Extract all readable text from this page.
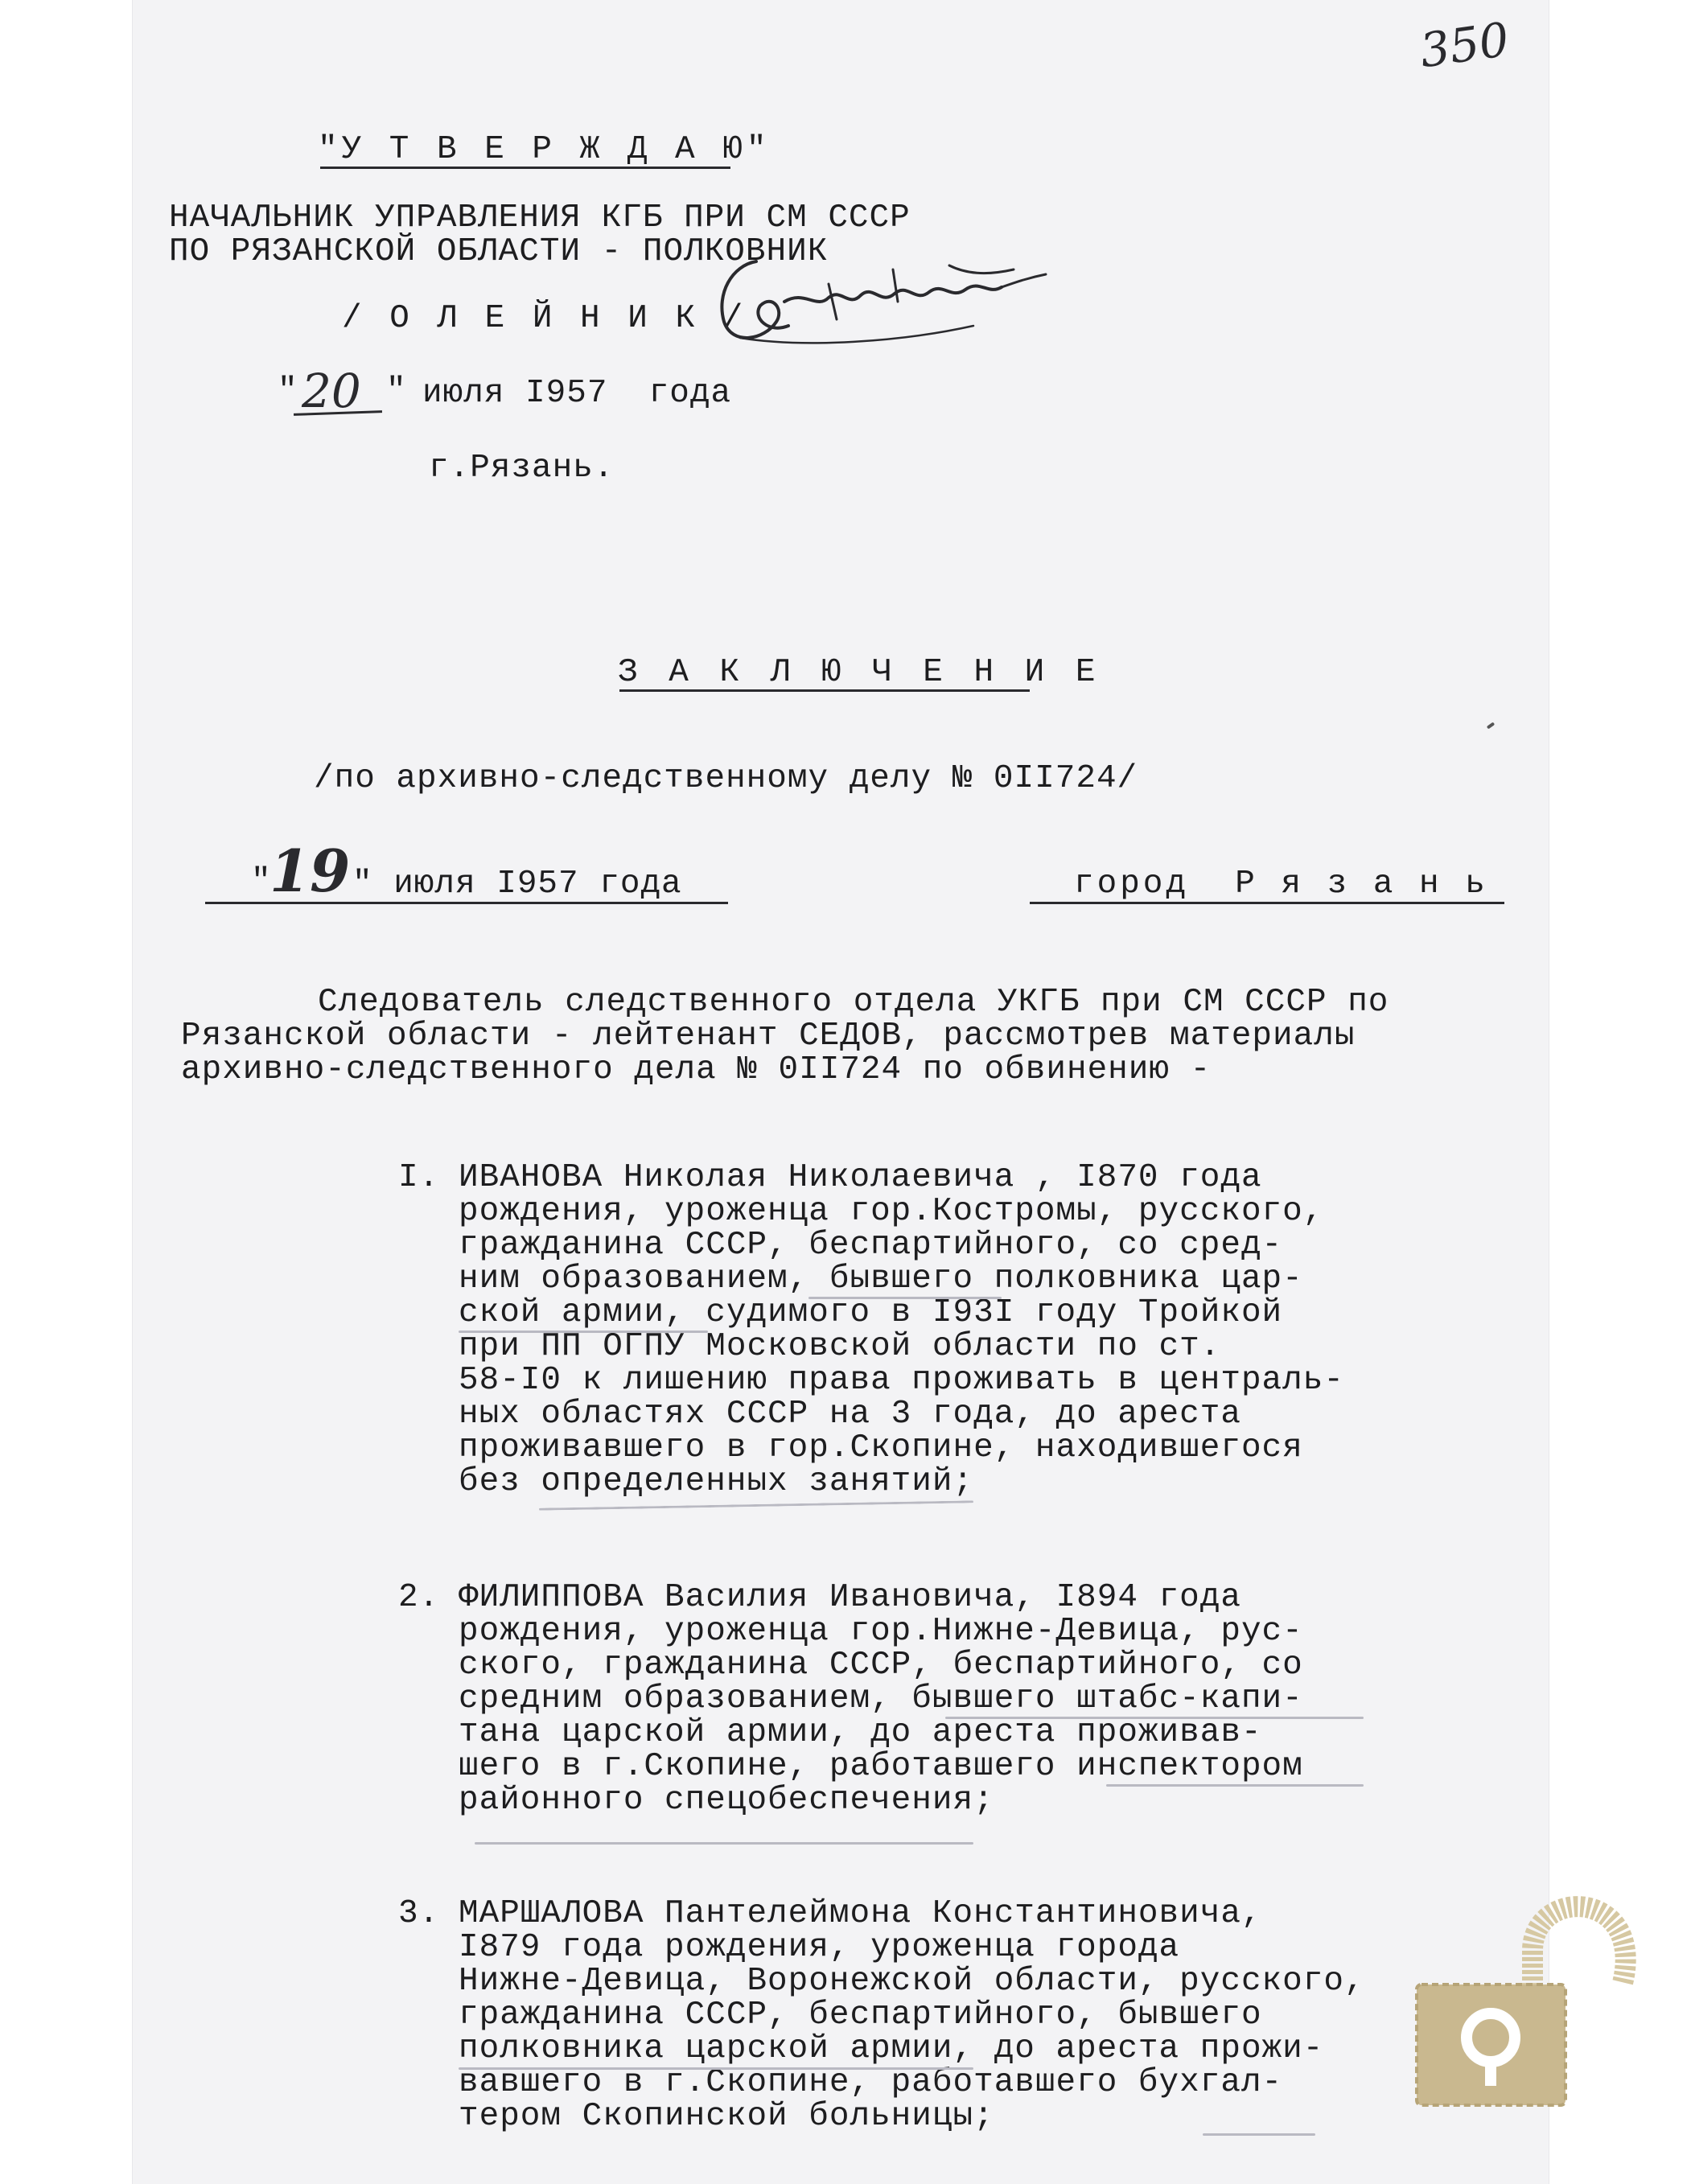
350
"У Т В Е Р Ж Д А Ю"
НАЧАЛЬНИК УПРАВЛЕНИЯ КГБ ПРИ СМ СССР
ПО РЯЗАНСКОЙ ОБЛАСТИ - ПОЛКОВНИК
/ О Л Е Й Н И К /
" 20 " июля I957  года
г.Рязань.
З А К Л Ю Ч Е Н И Е
/по архивно-следственному делу № 0II724/
"
19 " июля I957 года	город  Р я з а н ь
Следователь следственного отдела УКГБ при СМ СССР по
Рязанской области - лейтенант СЕДОВ, рассмотрев материалы
архивно-следственного дела № 0II724 по обвинению -
I. ИВАНОВА Николая Николаевича , I870 года
рождения, уроженца гор.Костромы, русского,
гражданина СССР, беспартийного, со сред-
ним образованием, бывшего полковника цар-
ской армии, судимого в I93I году Тройкой
при ПП ОГПУ Московской области по ст.
58-I0 к лишению права проживать в централь-
ных областях СССР на 3 года, до ареста
проживавшего в гор.Скопине, находившегося
без определенных занятий;
2. ФИЛИППОВА Василия Ивановича, I894 года
рождения, уроженца гор.Нижне-Девица, рус-
ского, гражданина СССР, беспартийного, со
средним образованием, бывшего штабс-капи-
тана царской армии, до ареста проживав-
шего в г.Скопине, работавшего инспектором
районного спецобеспечения;
3. МАРШАЛОВА Пантелеймона Константиновича,
I879 года рождения, уроженца города
Нижне-Девица, Воронежской области, русского,
гражданина СССР, беспартийного, бывшего
полковника царской армии, до ареста прожи-
вавшего в г.Скопине, работавшего бухгал-
тером Скопинской больницы;
